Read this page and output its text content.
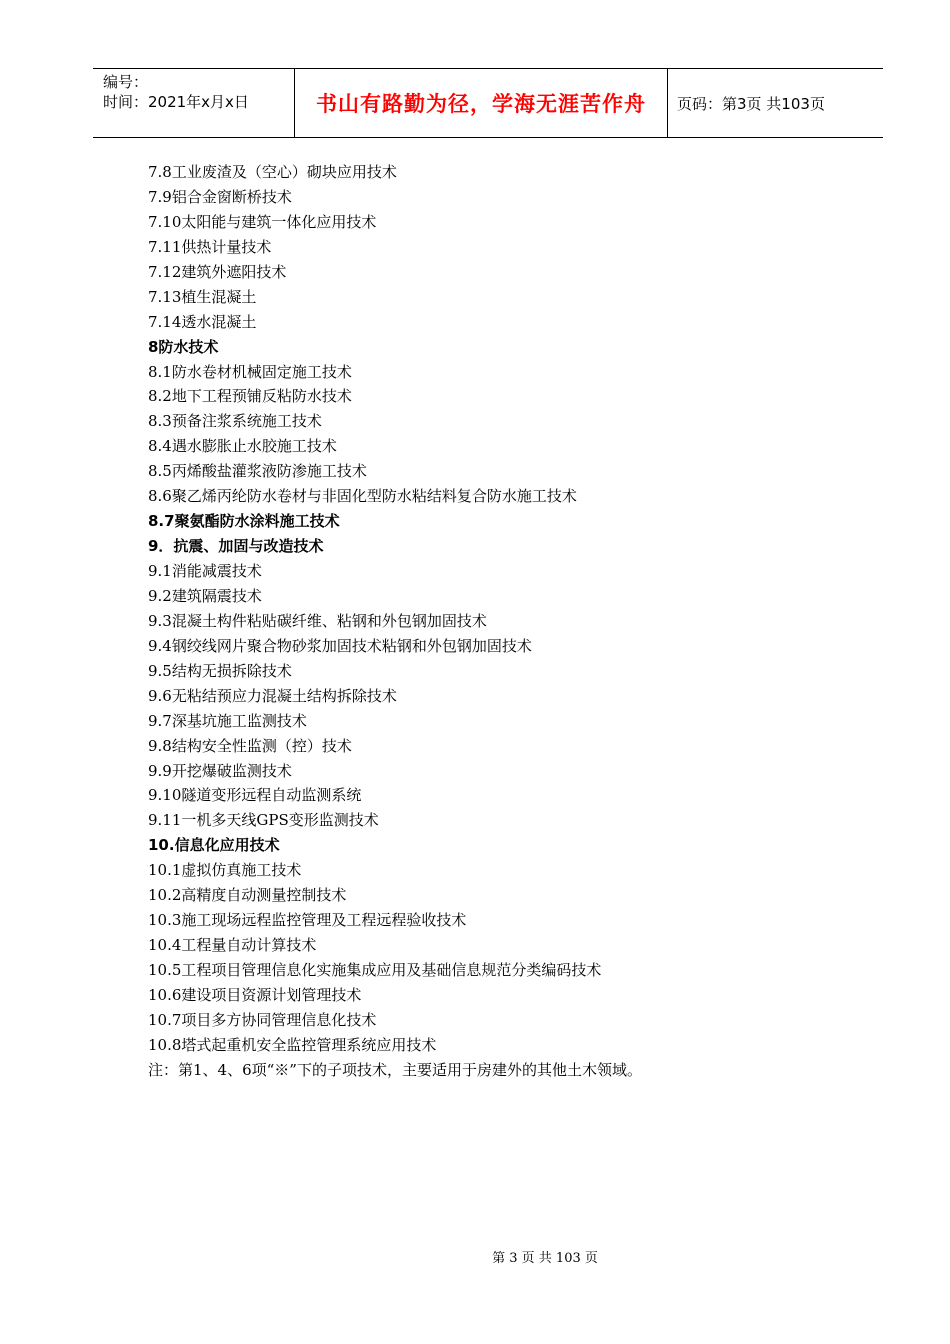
编号：
时间：2021年x月x日	书山有路勤为径，学海无涯苦作舟 页码：第3页 共103页
7.8工业废渣及（空心）砌块应用技术
7.9铝合金窗断桥技术
7.10太阳能与建筑一体化应用技术
7.11供热计量技术
7.12建筑外遮阳技术
7.13植生混凝土
7.14透水混凝土
8防水技术
8.1防水卷材机械固定施工技术
8.2地下工程预铺反粘防水技术
8.3预备注浆系统施工技术
8.4遇水膨胀止水胶施工技术
8.5丙烯酸盐灌浆液防渗施工技术
8.6聚乙烯丙纶防水卷材与非固化型防水粘结料复合防水施工技术
8.7聚氨酯防水涂料施工技术
9．抗震、加固与改造技术
9.1消能减震技术
9.2建筑隔震技术
9.3混凝土构件粘贴碳纤维、粘钢和外包钢加固技术
9.4钢绞线网片聚合物砂浆加固技术粘钢和外包钢加固技术
9.5结构无损拆除技术
9.6无粘结预应力混凝土结构拆除技术
9.7深基坑施工监测技术
9.8结构安全性监测（控）技术
9.9开挖爆破监测技术
9.10隧道变形远程自动监测系统
9.11一机多天线GPS变形监测技术
10.信息化应用技术
10.1虚拟仿真施工技术
10.2高精度自动测量控制技术
10.3施工现场远程监控管理及工程远程验收技术
10.4工程量自动计算技术
10.5工程项目管理信息化实施集成应用及基础信息规范分类编码技术
10.6建设项目资源计划管理技术
10.7项目多方协同管理信息化技术
10.8塔式起重机安全监控管理系统应用技术
注：第1、4、6项“※”下的子项技术，主要适用于房建外的其他土木领域。
第 3 页 共 103 页
